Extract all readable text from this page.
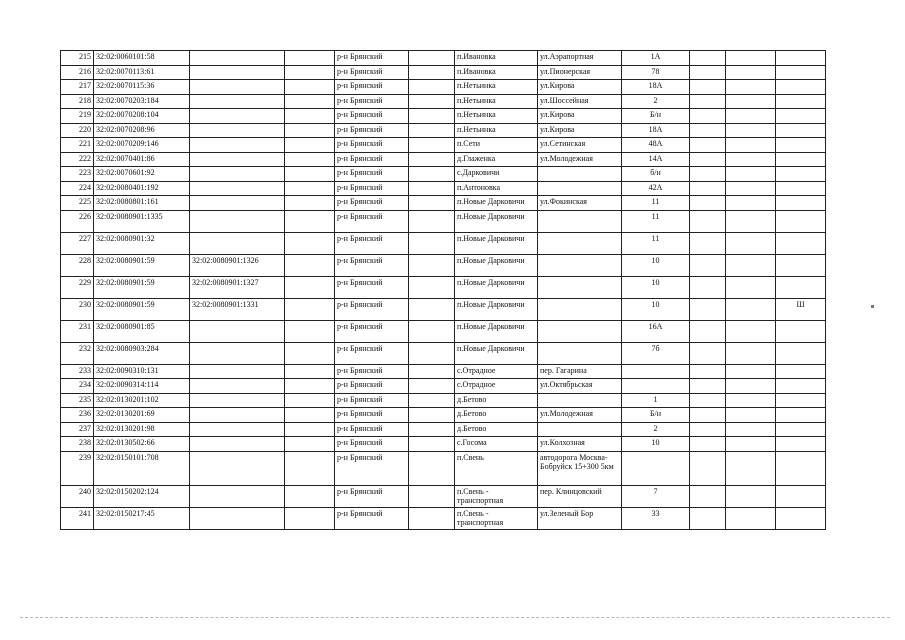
215	32:02:0060101:58			р-н Брянский		п.Ивановка	ул.Аэрапортная	1А			
216	32:02:0070113:61			р-н Брянский		п.Ивановка	ул.Пионерская	78			
217	32:02:0070115:36			р-н Брянский		п.Нетьинка	ул.Кирова	18А			
218	32:02:0070203:184			р-н Брянский		п.Нетьинка	ул.Шоссейная	2			
219	32:02:0070208:104			р-н Брянский		п.Нетьинка	ул.Кирова	Б/н			
220	32:02:0070208:96			р-н Брянский		п.Нетьинка	ул.Кирова	18А			
221	32:02:0070209:146			р-н Брянский		п.Сети	ул.Сетинская	48А			
222	32:02:0070401:86			р-н Брянский		д.Глаженка	ул.Молодежная	14А			
223	32:02:0070601:92			р-н Брянский		с.Дарковичи		б/н			
224	32:02:0080401:192			р-н Брянский		п.Антоновка		42А			
225	32:02:0080801:161			р-н Брянский		п.Новые Дарковичи	ул.Фокинская	11			
226	32:02:0080901:1335			р-н Брянский		п.Новые Дарковичи		11			
227	32:02:0080901:32			р-н Брянский		п.Новые Дарковичи		11			
228	32:02:0080901:59	32:02:0080901:1326		р-н Брянский		п.Новые Дарковичи		10			
229	32:02:0080901:59	32:02:0080901:1327		р-н Брянский		п.Новые Дарковичи		10			
230	32:02:0080901:59	32:02:0080901:1331		р-н Брянский		п.Новые Дарковичи		10			Ш
231	32:02:0080901:85			р-н Брянский		п.Новые Дарковичи		16А			
232	32:02:0080903:284			р-н Брянский		п.Новые Дарковичи		7б			
233	32:02:0090310:131			р-н Брянский		с.Отрадное	пер. Гагарина				
234	32:02:0090314:114			р-н Брянский		с.Отрадное	ул.Октябрьская				
235	32:02:0130201:102			р-н Брянский		д.Бетово		1			
236	32:02:0130201:69			р-н Брянский		д.Бетово	ул.Молодежная	Б/н			
237	32:02:0130201:98			р-н Брянский		д.Бетово		2			
238	32:02:0130502:66			р-н Брянский		с.Госома	ул.Колхозная	10			
239	32:02:0150101:708			р-н Брянский		п.Свень	автодорога Москва-Бобруйск 15+300 5км				
240	32:02:0150202:124			р-н Брянский		п.Свень - транспортная	пер. Клинцовский	7			
241	32:02:0150217:45			р-н Брянский		п.Свень - транспортная	ул.Зеленый Бор	33			
